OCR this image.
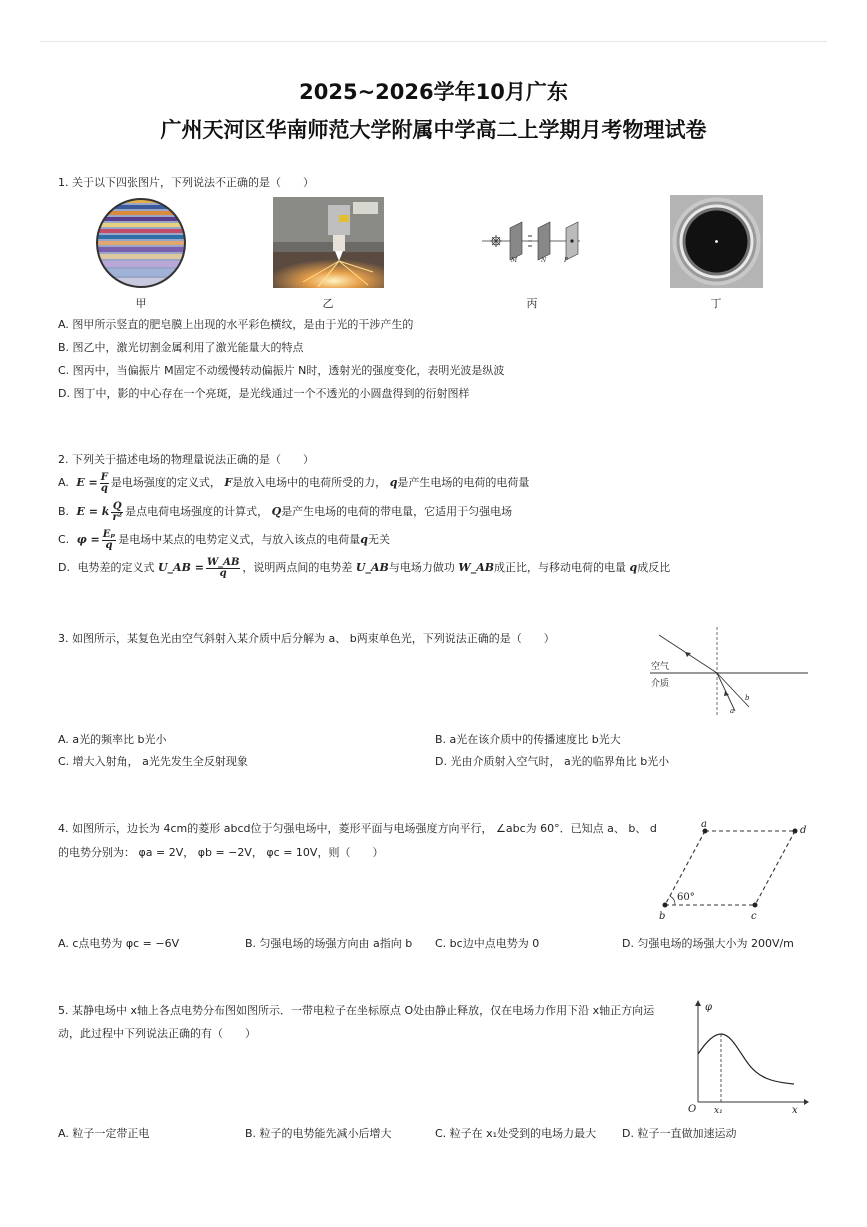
2025~2026学年10月广东
广州天河区华南师范大学附属中学高二上学期月考物理试卷
1. 关于以下四张图片，下列说法不正确的是（　　）
甲	乙
M	N	P
丙	丁
A. 图甲所示竖直的肥皂膜上出现的水平彩色横纹，是由于光的干涉产生的
B. 图乙中，激光切割金属利用了激光能量大的特点
C. 图丙中，当偏振片 M固定不动缓慢转动偏振片 N时，透射光的强度变化，表明光波是纵波
D. 图丁中，影的中心存在一个亮斑，是光线通过一个不透光的小圆盘得到的衍射图样
2. 下列关于描述电场的物理量说法正确的是（　　）
A. $E = \frac{F}{q}$ 是电场强度的定义式， F是放入电场中的电荷所受的力， q是产生电场的电荷的电荷量
B. E = k $\frac{Q}{\text{r²}}$ 是点电荷电场强度的计算式， Q是产生电场的电荷的带电量，它适用于匀强电场
C. $\varphi = \frac{\text{Eₚ}}{q}$ 是电场中某点的电势定义式，与放入该点的电荷量q无关
D. 电势差的定义式 U_AB = $\frac{W\_AB}{q}$ ，说明两点间的电势差 U_AB与电场力做功 W_AB成正比，与移动电荷的电量 q成反比
3. 如图所示，某复色光由空气斜射入某介质中后分解为 a、 b两束单色光，下列说法正确的是（　　）
空气
介质
a
b
A. a光的频率比 b光小	B. a光在该介质中的传播速度比 b光大
C. 增大入射角， a光先发生全反射现象	D. 光由介质射入空气时， a光的临界角比 b光小
4. 如图所示，边长为 4cm的菱形 abcd位于匀强电场中，菱形平面与电场强度方向平行， ∠abc为 60°．已知点 a、 b、 d
的电势分别为： φa = 2V， φb = −2V， φc = 10V，则（　　）
a
d
b	c
60°
A. c点电势为 φc = −6V	B. 匀强电场的场强方向由 a指向 b C. bc边中点电势为 0	D. 匀强电场的场强大小为 200V/m
5. 某静电场中 x轴上各点电势分布图如图所示．一带电粒子在坐标原点 O处由静止释放，仅在电场力作用下沿 x轴正方向运
动，此过程中下列说法正确的有（　　）
φ
O x₁	x
A. 粒子一定带正电	B. 粒子的电势能先减小后增大	C. 粒子在 x₁处受到的电场力最大 D. 粒子一直做加速运动
